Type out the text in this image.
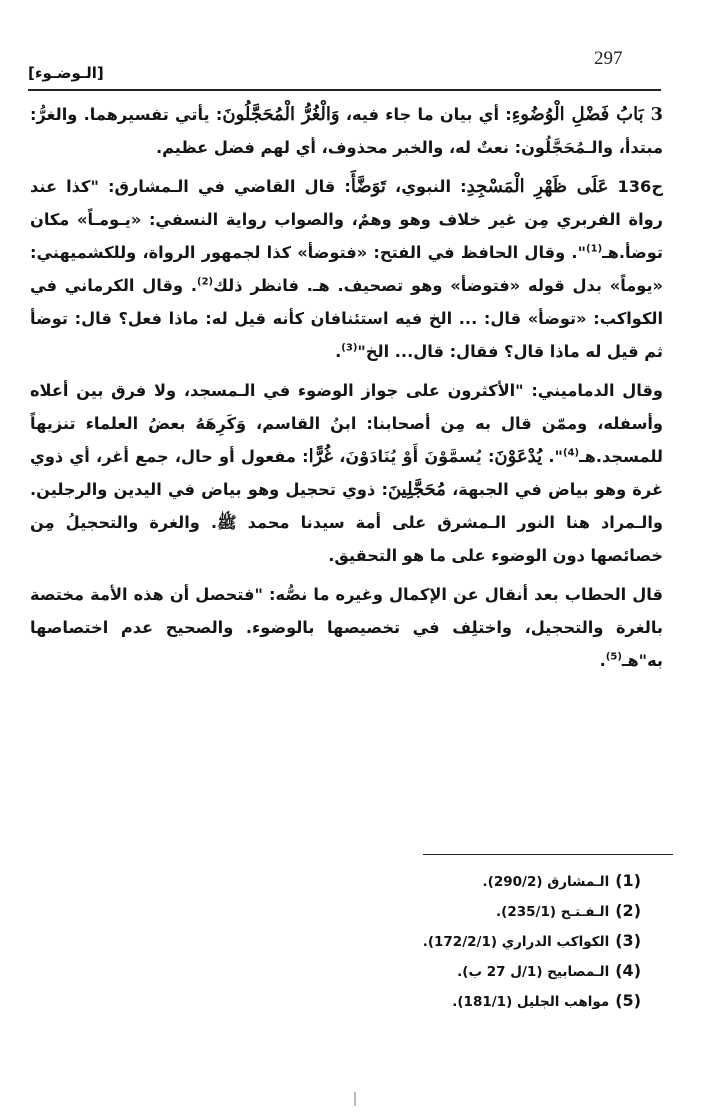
[الـوضـوء]
297

3 بَابُ فَضْلِ الْوُضُوءِ: أي بيان ما جاء فيه، وَالْغُرُّ الْمُحَجَّلُونَ: يأتي تفسيرهما. والغرُّ: مبتدأ، والـمُحَجَّلُون: نعتٌ له، والخبر محذوف، أي لهم فضل عظيم.

ح136 عَلَى ظَهْرِ الْمَسْجِدِ: النبوي، تَوَضَّأَ: قال القاضي في الـمشارق: "كذا عند رواة الفربري مِن غير خلاف وهو وهمٌ، والصواب رواية النسفي: «يـومـاً» مكان توضأ.هـ$^{(1)}$". وقال الحافظ في الفتح: «فتوضأ» كذا لجمهور الرواة، وللكشميهني: «يوماً» بدل قوله «فتوضأ» وهو تصحيف. هـ. فانظر ذلك$^{(2)}$. وقال الكرماني في الكواكب: «توضأ» قال: ... الخ فيه استئنافان كأنه قيل له: ماذا فعل؟ قال: توضأ ثم قيل له ماذا قال؟ فقال: قال... الخ"$^{(3)}$.

وقال الدماميني: "الأكثرون على جواز الوضوء في الـمسجد، ولا فرق بين أعلاه وأسفله، وممّن قال به مِن أصحابنا: ابنُ القاسم، وَكَرِهَهُ بعضُ العلماء تنزيهاً للمسجد.هـ$^{(4)}$". يُدْعَوْنَ: يُسمَّوْنَ أَوْ يُنَادَوْنَ، غُرًّا: مفعول أو حال، جمع أغر، أي ذوي غرة وهو بياض في الجبهة، مُحَجَّلِينَ: ذوي تحجيل وهو بياض في اليدين والرجلين. والـمراد هنا النور الـمشرق على أمة سيدنا محمد ﷺ. والغرة والتحجيلُ مِن خصائصها دون الوضوء على ما هو التحقيق.

قال الحطاب بعد أنقال عن الإكمال وغيره ما نصُّه: "فتحصل أن هذه الأمة مختصة بالغرة والتحجيل، واختلِف في تخصيصها بالوضوء. والصحيح عدم اختصاصها به"هـ$^{(5)}$.

(1)الـمشارق (290/2).
(2)الـفـتـح (235/1).
(3)الكواكب الدراري (172/2/1).
(4)الـمصابيح (1/ل 27 ب).
(5)مواهب الجليل (181/1).
